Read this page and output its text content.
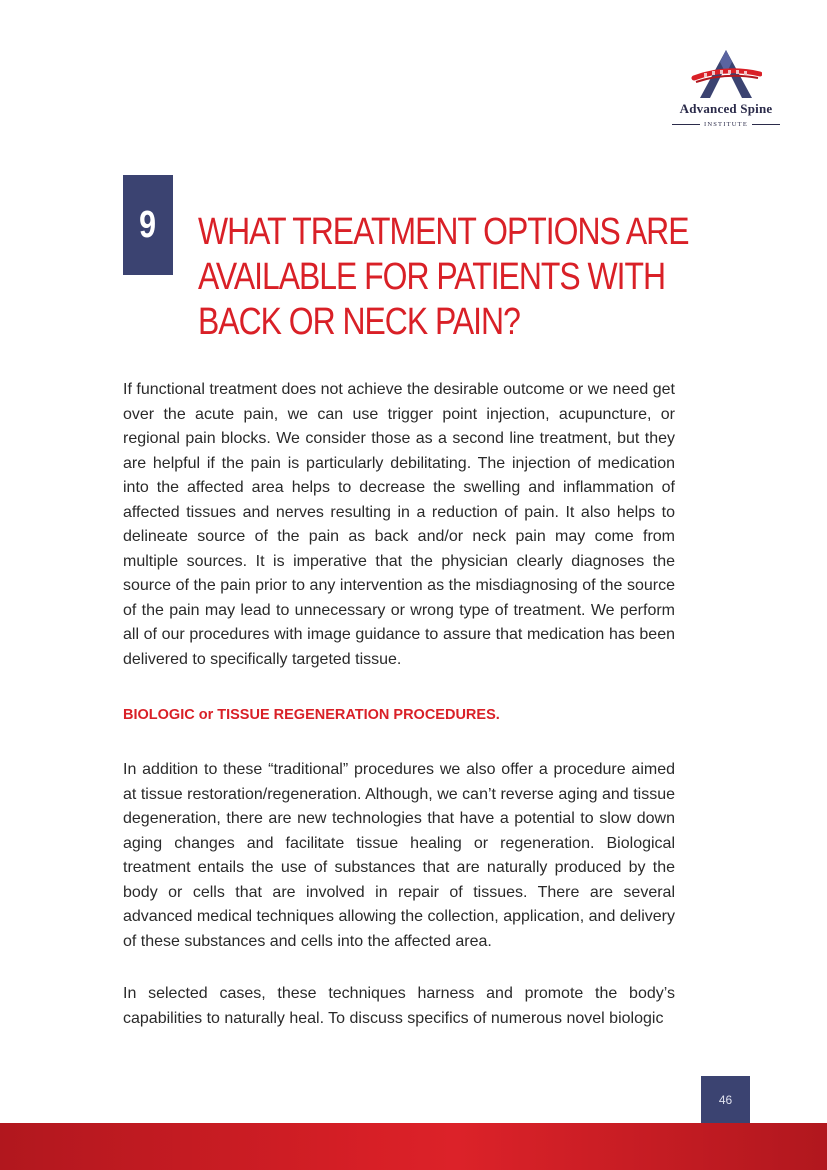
Advanced Spine
INSTITUTE
9 WHAT TREATMENT OPTIONS ARE
AVAILABLE FOR PATIENTS WITH
BACK OR NECK PAIN?

If functional treatment does not achieve the desirable outcome or we need get over the acute pain, we can use trigger point injection, acupuncture, or regional pain blocks. We consider those as a second line treatment, but they are helpful if the pain is particularly debilitating. The injection of medication into the affected area helps to decrease the swelling and inflammation of affected tissues and nerves resulting in a reduction of pain. It also helps to delineate source of the pain as back and/or neck pain may come from multiple sources. It is imperative that the physician clearly diagnoses the source of the pain prior to any intervention as the misdiagnosing of the source of the pain may lead to unnecessary or wrong type of treatment. We perform all of our procedures with image guidance to assure that medication has been delivered to specifically targeted tissue.

BIOLOGIC or TISSUE REGENERATION PROCEDURES.

In addition to these “traditional” procedures we also offer a procedure aimed at tissue restoration/regeneration. Although, we can’t reverse aging and tissue degeneration, there are new technologies that have a potential to slow down aging changes and facilitate tissue healing or regeneration. Biological treatment entails the use of substances that are naturally produced by the body or cells that are involved in repair of tissues. There are several advanced medical techniques allowing the collection, application, and delivery of these substances and cells into the affected area.

In selected cases, these techniques harness and promote the body’s capabilities to naturally heal. To discuss specifics of numerous novel biologic

46
